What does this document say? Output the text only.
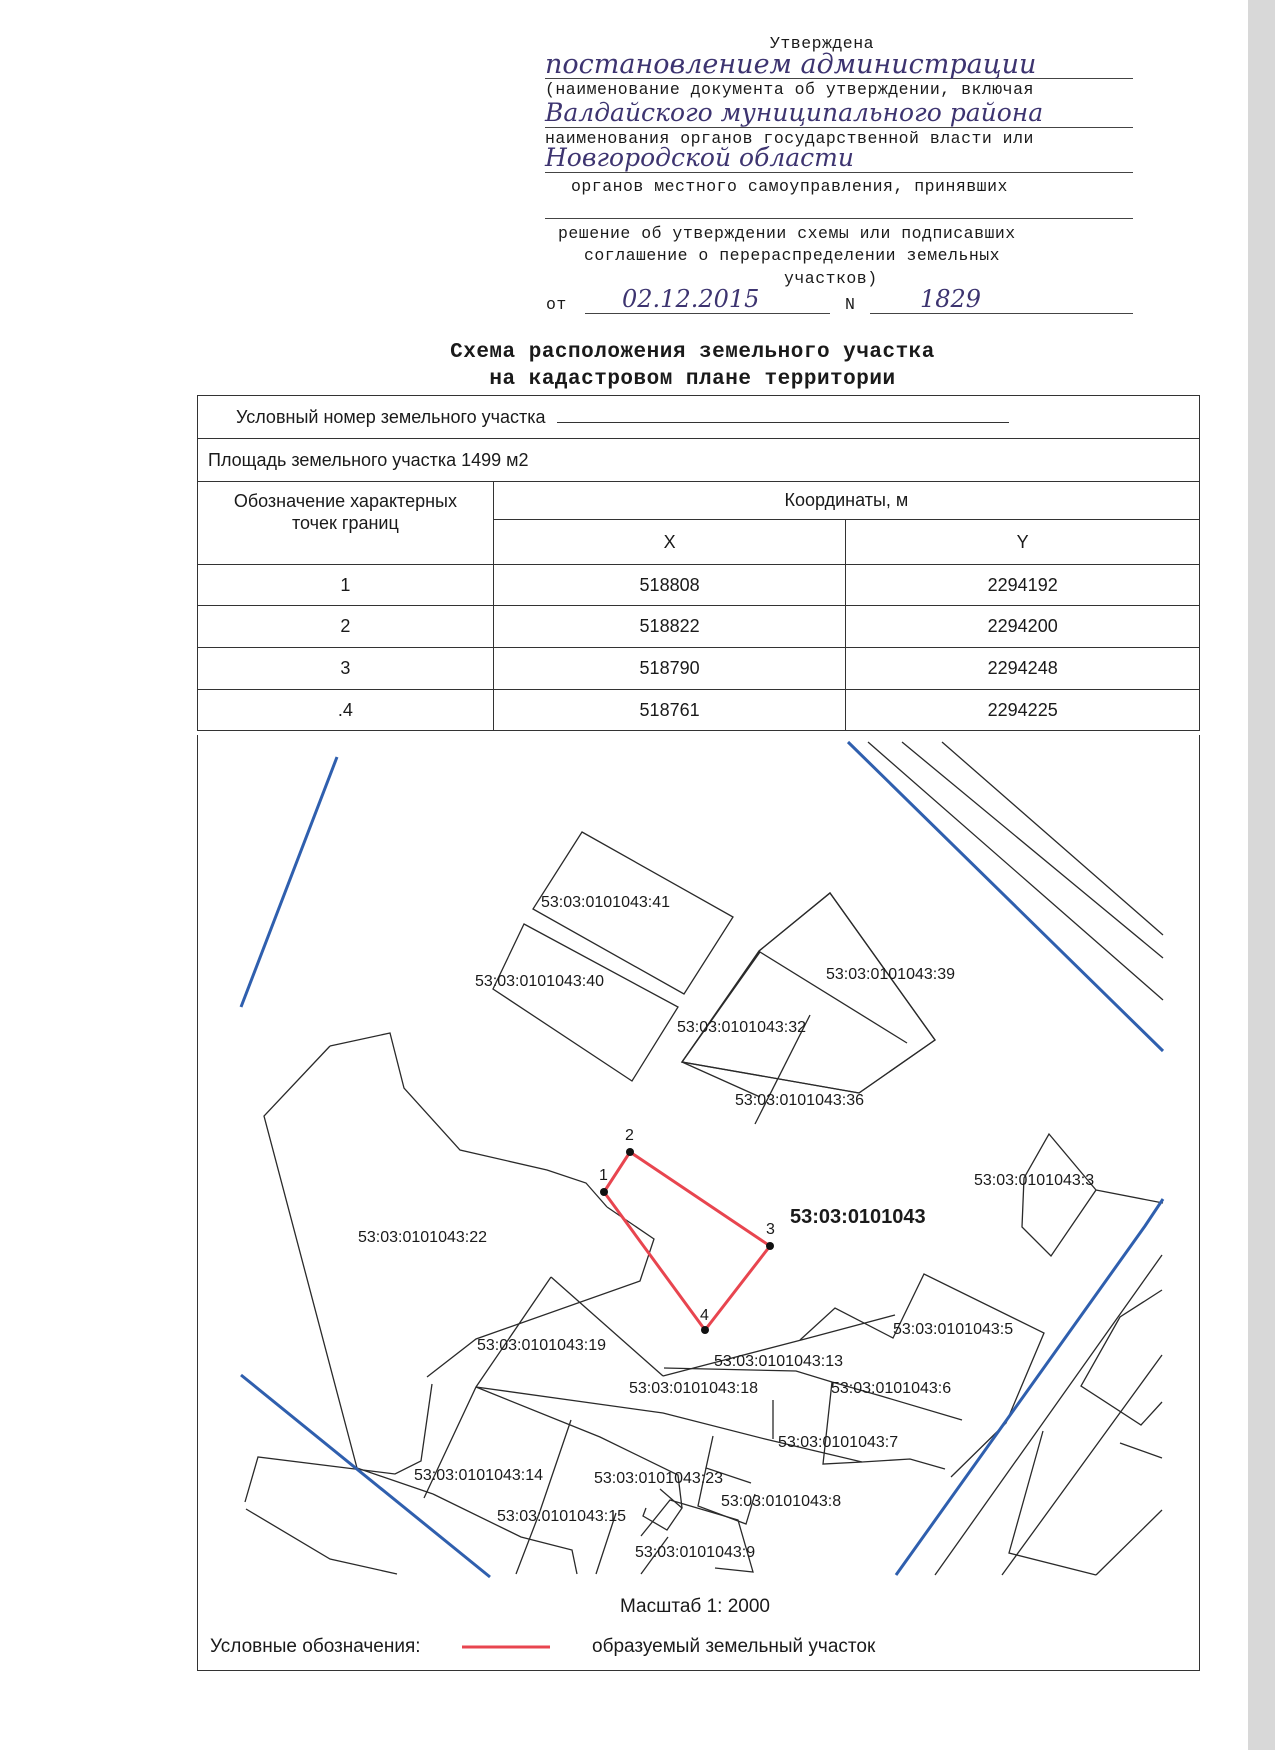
Утверждена
(наименование документа об утверждении, включая
наименования органов государственной власти или
органов местного самоуправления, принявших
решение об утверждении схемы или подписавших
соглашение о перераспределении земельных
участков)
от	N
постановлением администрации
Валдайского муниципального района
Новгородской области
02.12.2015	1829
Схема расположения земельного участка
на кадастровом плане территории
Условный номер земельного участка		
Площадь земельного участка 1499 м2		
Обозначение характерных точек границ	Координаты, м	
	X	Y
1	518808	2294192
2	518822	2294200
3	518790	2294248
.4	518761	2294225
53:03:0101043:41
53:03:0101043:40	53:03:0101043:39
53:03:0101043:32
53:03:0101043:36
53:03:0101043:3
53:03:0101043:22
53:03:0101043:19
53:03:0101043:5
53:03:0101043:13
53:03:0101043:18	53:03:0101043:6
53:03:0101043:7
53:03:0101043:14	53:03:0101043:23
53:03:0101043:15
53:03:0101043:8
53:03:0101043:9
53:03:0101043
1
2
3
4
Масштаб 1: 2000
Условные обозначения:	образуемый земельный участок
